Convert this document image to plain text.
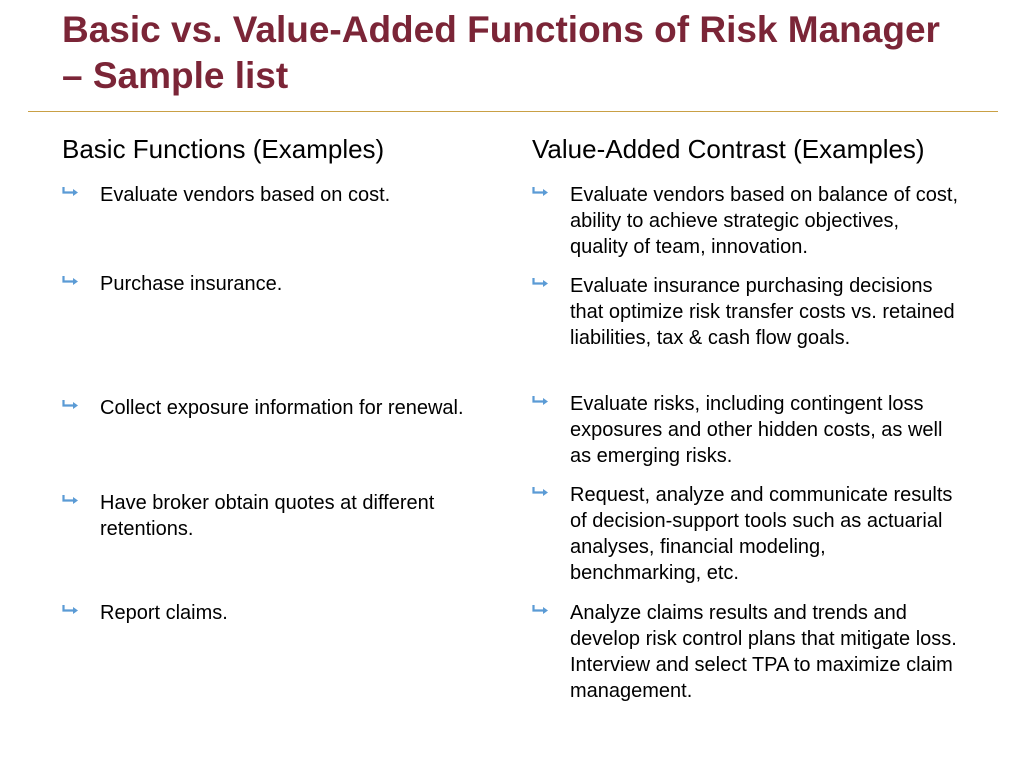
Basic vs. Value-Added Functions of Risk Manager – Sample list
Basic Functions (Examples)
Evaluate vendors based on cost.
Purchase insurance.
Collect exposure information for renewal.
Have broker obtain quotes at different retentions.
Report claims.
Value-Added Contrast (Examples)
Evaluate vendors based on balance of cost, ability to achieve strategic objectives, quality of team, innovation.
Evaluate insurance purchasing decisions that optimize risk transfer costs vs. retained liabilities, tax & cash flow goals.
Evaluate risks, including contingent loss exposures and other hidden costs, as well as emerging risks.
Request, analyze and communicate results of decision-support tools such as actuarial analyses, financial modeling, benchmarking, etc.
Analyze claims results and trends and develop risk control plans that mitigate loss. Interview and select TPA to maximize claim management.
